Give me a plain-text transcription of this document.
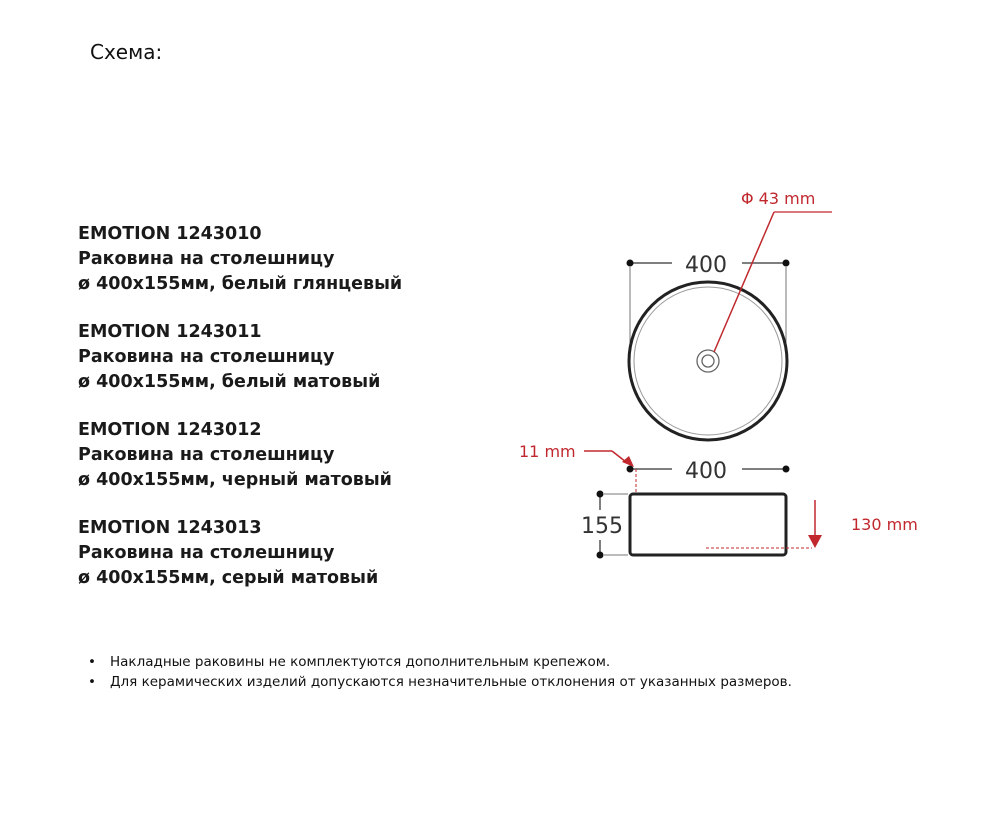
Схема:
EMOTION 1243010
Раковина на столешницу
ø 400x155мм, белый глянцевый
EMOTION 1243011
Раковина на столешницу
ø 400x155мм, белый матовый
EMOTION 1243012
Раковина на столешницу
ø 400x155мм, черный матовый
EMOTION 1243013
Раковина на столешницу
ø 400x155мм, серый матовый
400
Φ 43 mm
400
11 mm
155	130 mm
• Накладные раковины не комплектуются дополнительным крепежом.
• Для керамических изделий допускаются незначительные отклонения от указанных размеров.
